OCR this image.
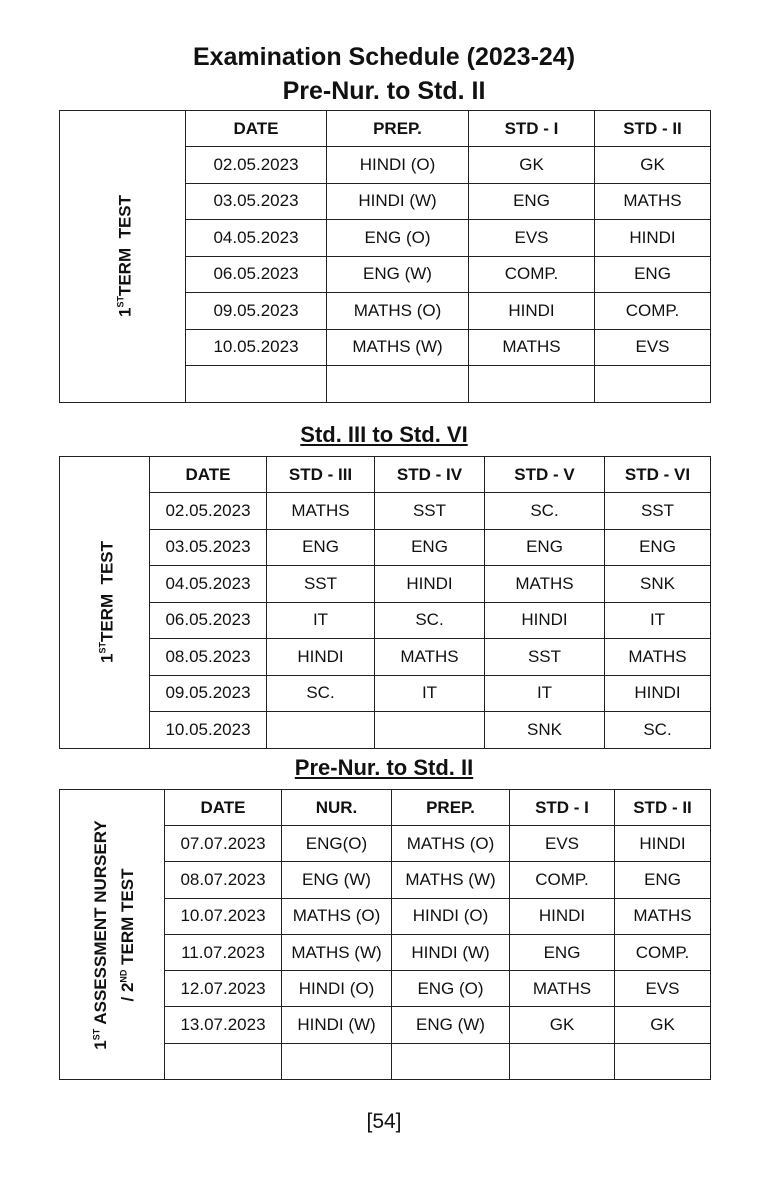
Examination Schedule (2023-24)
Pre-Nur. to Std. II
1STTERM  TEST	DATE	PREP.	STD - I	STD - II
	02.05.2023	HINDI (O)	GK	GK
	03.05.2023	HINDI (W)	ENG	MATHS
	04.05.2023	ENG (O)	EVS	HINDI
	06.05.2023	ENG (W)	COMP.	ENG
	09.05.2023	MATHS (O)	HINDI	COMP.
	10.05.2023	MATHS (W)	MATHS	EVS

Std. III to Std. VI
1STTERM  TEST	DATE	STD - III	STD - IV	STD - V	STD - VI
	02.05.2023	MATHS	SST	SC.	SST
	03.05.2023	ENG	ENG	ENG	ENG
	04.05.2023	SST	HINDI	MATHS	SNK
	06.05.2023	IT	SC.	HINDI	IT
	08.05.2023	HINDI	MATHS	SST	MATHS
	09.05.2023	SC.	IT	IT	HINDI
	10.05.2023			SNK	SC.
Pre-Nur. to Std. II
1ST ASSESSMENT NURSERY / 2ND TERM TEST	DATE	NUR.	PREP.	STD - I	STD - II
	07.07.2023	ENG(O)	MATHS (O)	EVS	HINDI
	08.07.2023	ENG (W)	MATHS (W)	COMP.	ENG
	10.07.2023	MATHS (O)	HINDI (O)	HINDI	MATHS
	11.07.2023	MATHS (W)	HINDI (W)	ENG	COMP.
	12.07.2023	HINDI (O)	ENG (O)	MATHS	EVS
	13.07.2023	HINDI (W)	ENG (W)	GK	GK

[54]
